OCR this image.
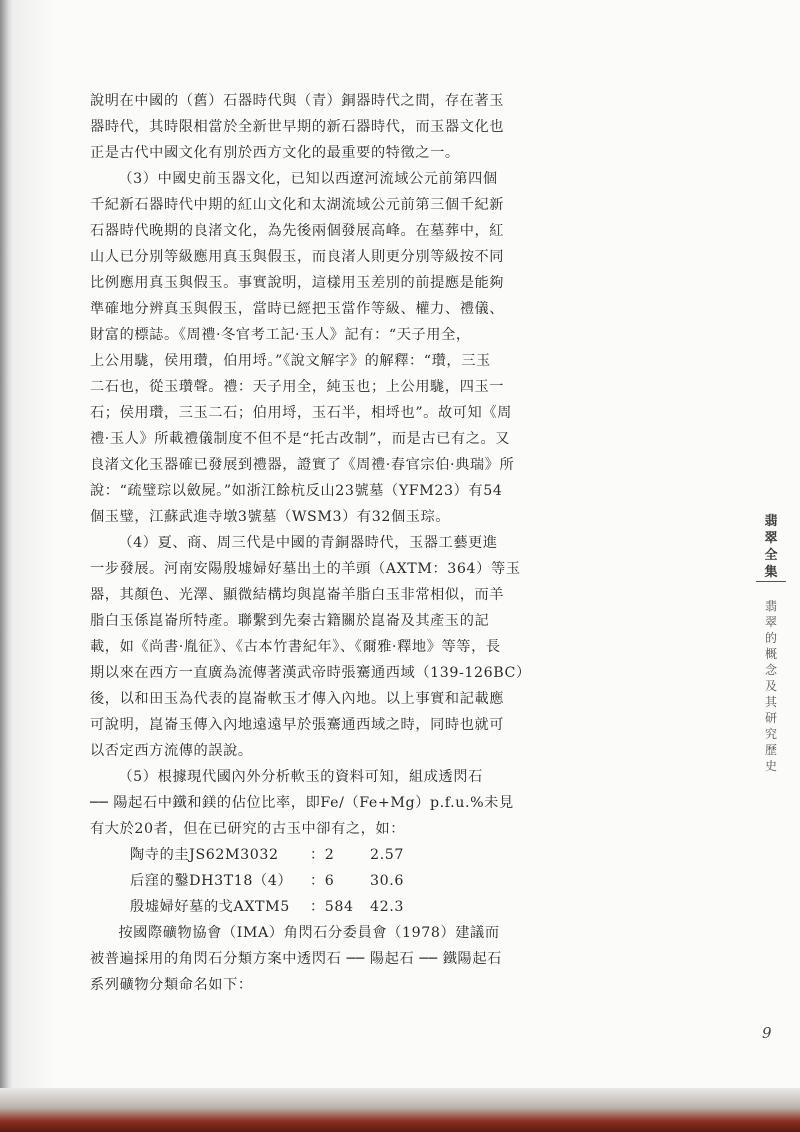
說明在中國的（舊）石器時代與（青）銅器時代之間，存在著玉
器時代，其時限相當於全新世早期的新石器時代，而玉器文化也
正是古代中國文化有別於西方文化的最重要的特徵之一。

（3）中國史前玉器文化，已知以西遼河流域公元前第四個
千紀新石器時代中期的紅山文化和太湖流域公元前第三個千紀新
石器時代晚期的良渚文化，為先後兩個發展高峰。在墓葬中，紅
山人已分別等級應用真玉與假玉，而良渚人則更分別等級按不同
比例應用真玉與假玉。事實說明，這樣用玉差別的前提應是能夠
準確地分辨真玉與假玉，當時已經把玉當作等級、權力、禮儀、
財富的標誌。《周禮·冬官考工記·玉人》記有：“天子用全，
上公用駹，侯用瓚，伯用埒。”《說文解字》的解釋：“瓚，三玉
二石也，從玉瓚聲。禮：天子用全，純玉也；上公用駹，四玉一
石；侯用瓚，三玉二石；伯用埒，玉石半，相埒也”。故可知《周
禮·玉人》所載禮儀制度不但不是“托古改制”，而是古已有之。又
良渚文化玉器確已發展到禮器，證實了《周禮·春官宗伯·典瑞》所
說：“疏璧琮以斂屍。”如浙江餘杭反山23號墓（YFM23）有54
個玉璧，江蘇武進寺墩3號墓（WSM3）有32個玉琮。

（4）夏、商、周三代是中國的青銅器時代，玉器工藝更進
一步發展。河南安陽殷墟婦好墓出土的羊頭（AXTM：364）等玉
器，其顏色、光澤、顯微結構均與崑崙羊脂白玉非常相似，而羊
脂白玉係崑崙所特產。聯繫到先秦古籍關於崑崙及其產玉的記
載，如《尚書·胤征》、《古本竹書紀年》、《爾雅·釋地》等等，長
期以來在西方一直廣為流傳著漢武帝時張騫通西域（139-126BC）
後，以和田玉為代表的崑崙軟玉才傳入內地。以上事實和記載應
可說明，崑崙玉傳入內地遠遠早於張騫通西域之時，同時也就可
以否定西方流傳的誤說。

（5）根據現代國內外分析軟玉的資料可知，組成透閃石
── 陽起石中鐵和鎂的佔位比率，即Fe/（Fe+Mg）p.f.u.%未見
有大於20者，但在已研究的古玉中卻有之，如：

陶寺的圭JS62M3032	：2	2.57
后窪的鑿DH3T18（4）	：6	30.6
殷墟婦好墓的戈AXTM5	：584	42.3

按國際礦物協會（IMA）角閃石分委員會（1978）建議而
被普遍採用的角閃石分類方案中透閃石 ── 陽起石 ── 鐵陽起石
系列礦物分類命名如下：

翡
翠
全
集
翡
翠
的
概
念
及
其
研
究
歷
史
9
